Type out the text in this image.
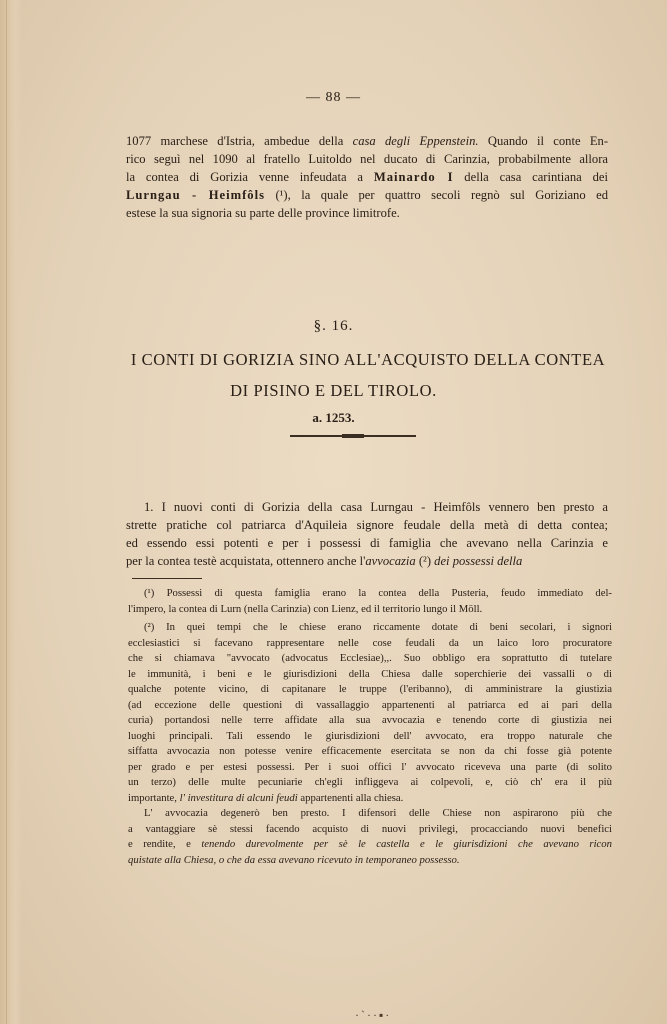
— 88 —
1077 marchese d'Istria, ambedue della casa degli Eppenstein. Quando il conte En-
rico seguì nel 1090 al fratello Luitoldo nel ducato di Carinzia, probabilmente allora
la contea di Gorizia venne infeudata a Mainardo I della casa carintiana dei
Lurngau - Heimfôls (¹), la quale per quattro secoli regnò sul Goriziano ed
estese la sua signoria su parte delle province limitrofe.
§. 16.
I CONTI DI GORIZIA SINO ALL'ACQUISTO DELLA CONTEA
DI PISINO E DEL TIROLO.
a. 1253.
1. I nuovi conti di Gorizia della casa Lurngau - Heimfôls vennero ben presto a
strette pratiche col patriarca d'Aquileia signore feudale della metà di detta contea;
ed essendo essi potenti e per i possessi di famiglia che avevano nella Carinzia e
per la contea testè acquistata, ottennero anche l'avvocazia (²) dei possessi della
(¹) Possessi di questa famiglia erano la contea della Pusteria, feudo immediato del-
l'impero, la contea di Lurn (nella Carinzia) con Lienz, ed il territorio lungo il Möll.
(²) In quei tempi che le chiese erano riccamente dotate di beni secolari, i signori
ecclesiastici si facevano rappresentare nelle cose feudali da un laico loro procuratore
che si chiamava "avvocato (advocatus Ecclesiae),,. Suo obbligo era soprattutto di tutelare
le immunità, i beni e le giurisdizioni della Chiesa dalle soperchierie dei vassalli o di
qualche potente vicino, di capitanare le truppe (l'eribanno), di amministrare la giustizia
(ad eccezione delle questioni di vassallaggio appartenenti al patriarca ed ai pari della
curia) portandosi nelle terre affidate alla sua avvocazia e tenendo corte di giustizia nei
luoghi principali. Tali essendo le giurisdizioni dell' avvocato, era troppo naturale che
siffatta avvocazia non potesse venire efficacemente esercitata se non da chi fosse già potente
per grado e per estesi possessi. Per i suoi offici l' avvocato riceveva una parte (di solito
un terzo) delle multe pecuniarie ch'egli infliggeva ai colpevoli, e, ciò ch' era il più
importante, l' investitura di alcuni feudi appartenenti alla chiesa.
L' avvocazia degenerò ben presto. I difensori delle Chiese non aspirarono più che
a vantaggiare sè stessi facendo acquisto di nuovi privilegi, procacciando nuovi benefici
e rendite, e tenendo durevolmente per sè le castella e le giurisdizioni che avevano ricon
quistate alla Chiesa, o che da essa avevano ricevuto in temporaneo possesso.
·ˋ··▪·
